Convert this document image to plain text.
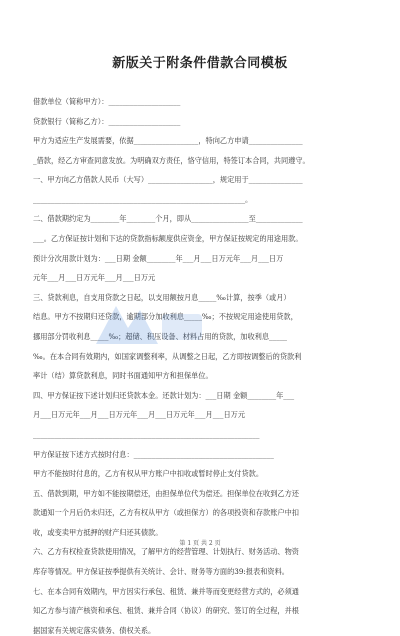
新版关于附条件借款合同模板
借款单位（简称甲方）：____________________
贷款银行（简称乙方）：____________________
甲方为适应生产发展需要，依据__________________，特向乙方申请_______________
_借款，经乙方审查同意发放。为明确双方责任，恪守信用，特签订本合同，共同遵守。
一、甲方向乙方借款人民币（大写）__________________，规定用于_______________
___________________________________________________________。
二、借款期约定为________年________个月，即从________________至_____________
___。乙方保证按计划和下达的贷款指标额度供应资金，甲方保证按规定的用途用款。
预计分次用款计划为：___日期 金额________年___月___日万元年___月___日万
元年___月___日万元年___月___日万元
三、贷款利息，自支用贷款之日起，以支用额按月息_____‰计算，按季（或月）
结息。甲方不按期归还贷款，逾期部分加收利息_____‰；不按规定用途使用贷款，
挪用部分罚收利息_____‰；超储、积压设备、材料占用的贷款，加收利息_____
‰。在本合同有效期内，如国家调整利率，从调整之日起，乙方即按调整后的贷款利
率计（结）算贷款利息，同时书面通知甲方和担保单位。
四、甲方保证按下述计划归还贷款本金。还款计划为：___日期 金额________年___
月___日万元年___月___日万元年___月___日万元年___月___日万元
_______________________________________________________________
甲方保证按下述方式按时付息：_______________________________________
甲方不能按时付息的，乙方有权从甲方账户中扣收或暂时停止支付贷款。
五、借款到期，甲方如不能按期偿还，由担保单位代为偿还。担保单位在收到乙方还
款通知一个月后仍未归还，乙方有权从甲方（或担保方）的各项投资和存款账户中扣
收，或变卖甲方抵押的财产归还其债款。
六、乙方有权检查贷款使用情况，了解甲方的经营管理、计划执行、财务活动、物资
库存等情况。甲方保证按季提供有关统计、会计、财务等方面的39:报表和资料。
七、在本合同有效期内，甲方因实行承包、租赁、兼并等而变更经营方式的，必须通
知乙方参与清产核资和承包、租赁、兼并合同（协议）的研究、签订的全过程，并根
据国家有关规定落实债务、债权关系。
第 1 页 共 2 页
